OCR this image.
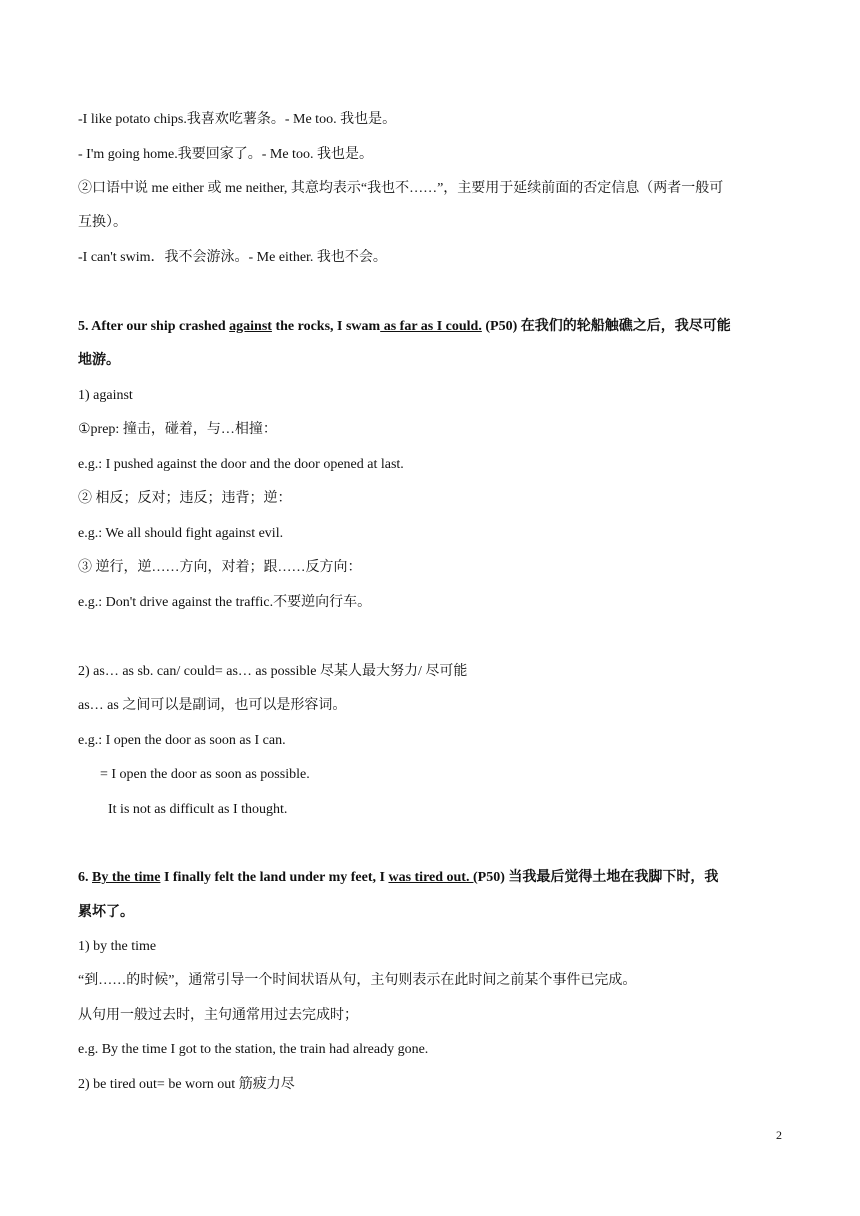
-I like potato chips.我喜欢吃薯条。- Me too. 我也是。
- I'm going home.我要回家了。- Me too. 我也是。
②口语中说 me either 或 me neither, 其意均表示“我也不……”，主要用于延续前面的否定信息（两者一般可
互换）。
-I can't swim．我不会游泳。- Me either. 我也不会。
5. After our ship crashed against the rocks, I swam as far as I could. (P50) 在我们的轮船触礁之后，我尽可能
地游。
1) against
①prep: 撞击，碰着，与…相撞：
e.g.: I pushed against the door and the door opened at last.
② 相反；反对；违反；违背；逆：
e.g.: We all should fight against evil.
③ 逆行，逆……方向，对着；跟……反方向：
e.g.: Don't drive against the traffic.不要逆向行车。
2) as… as sb. can/ could= as… as possible 尽某人最大努力/ 尽可能
as… as 之间可以是副词，也可以是形容词。
e.g.: I open the door as soon as I can.
= I open the door as soon as possible.
It is not as difficult as I thought.
6. By the time I finally felt the land under my feet, I was tired out. (P50) 当我最后觉得土地在我脚下时，我
累坏了。
1) by the time
“到……的时候”，通常引导一个时间状语从句，主句则表示在此时间之前某个事件已完成。
从句用一般过去时，主句通常用过去完成时；
e.g. By the time I got to the station, the train had already gone.
2) be tired out= be worn out 筋疲力尽
2
